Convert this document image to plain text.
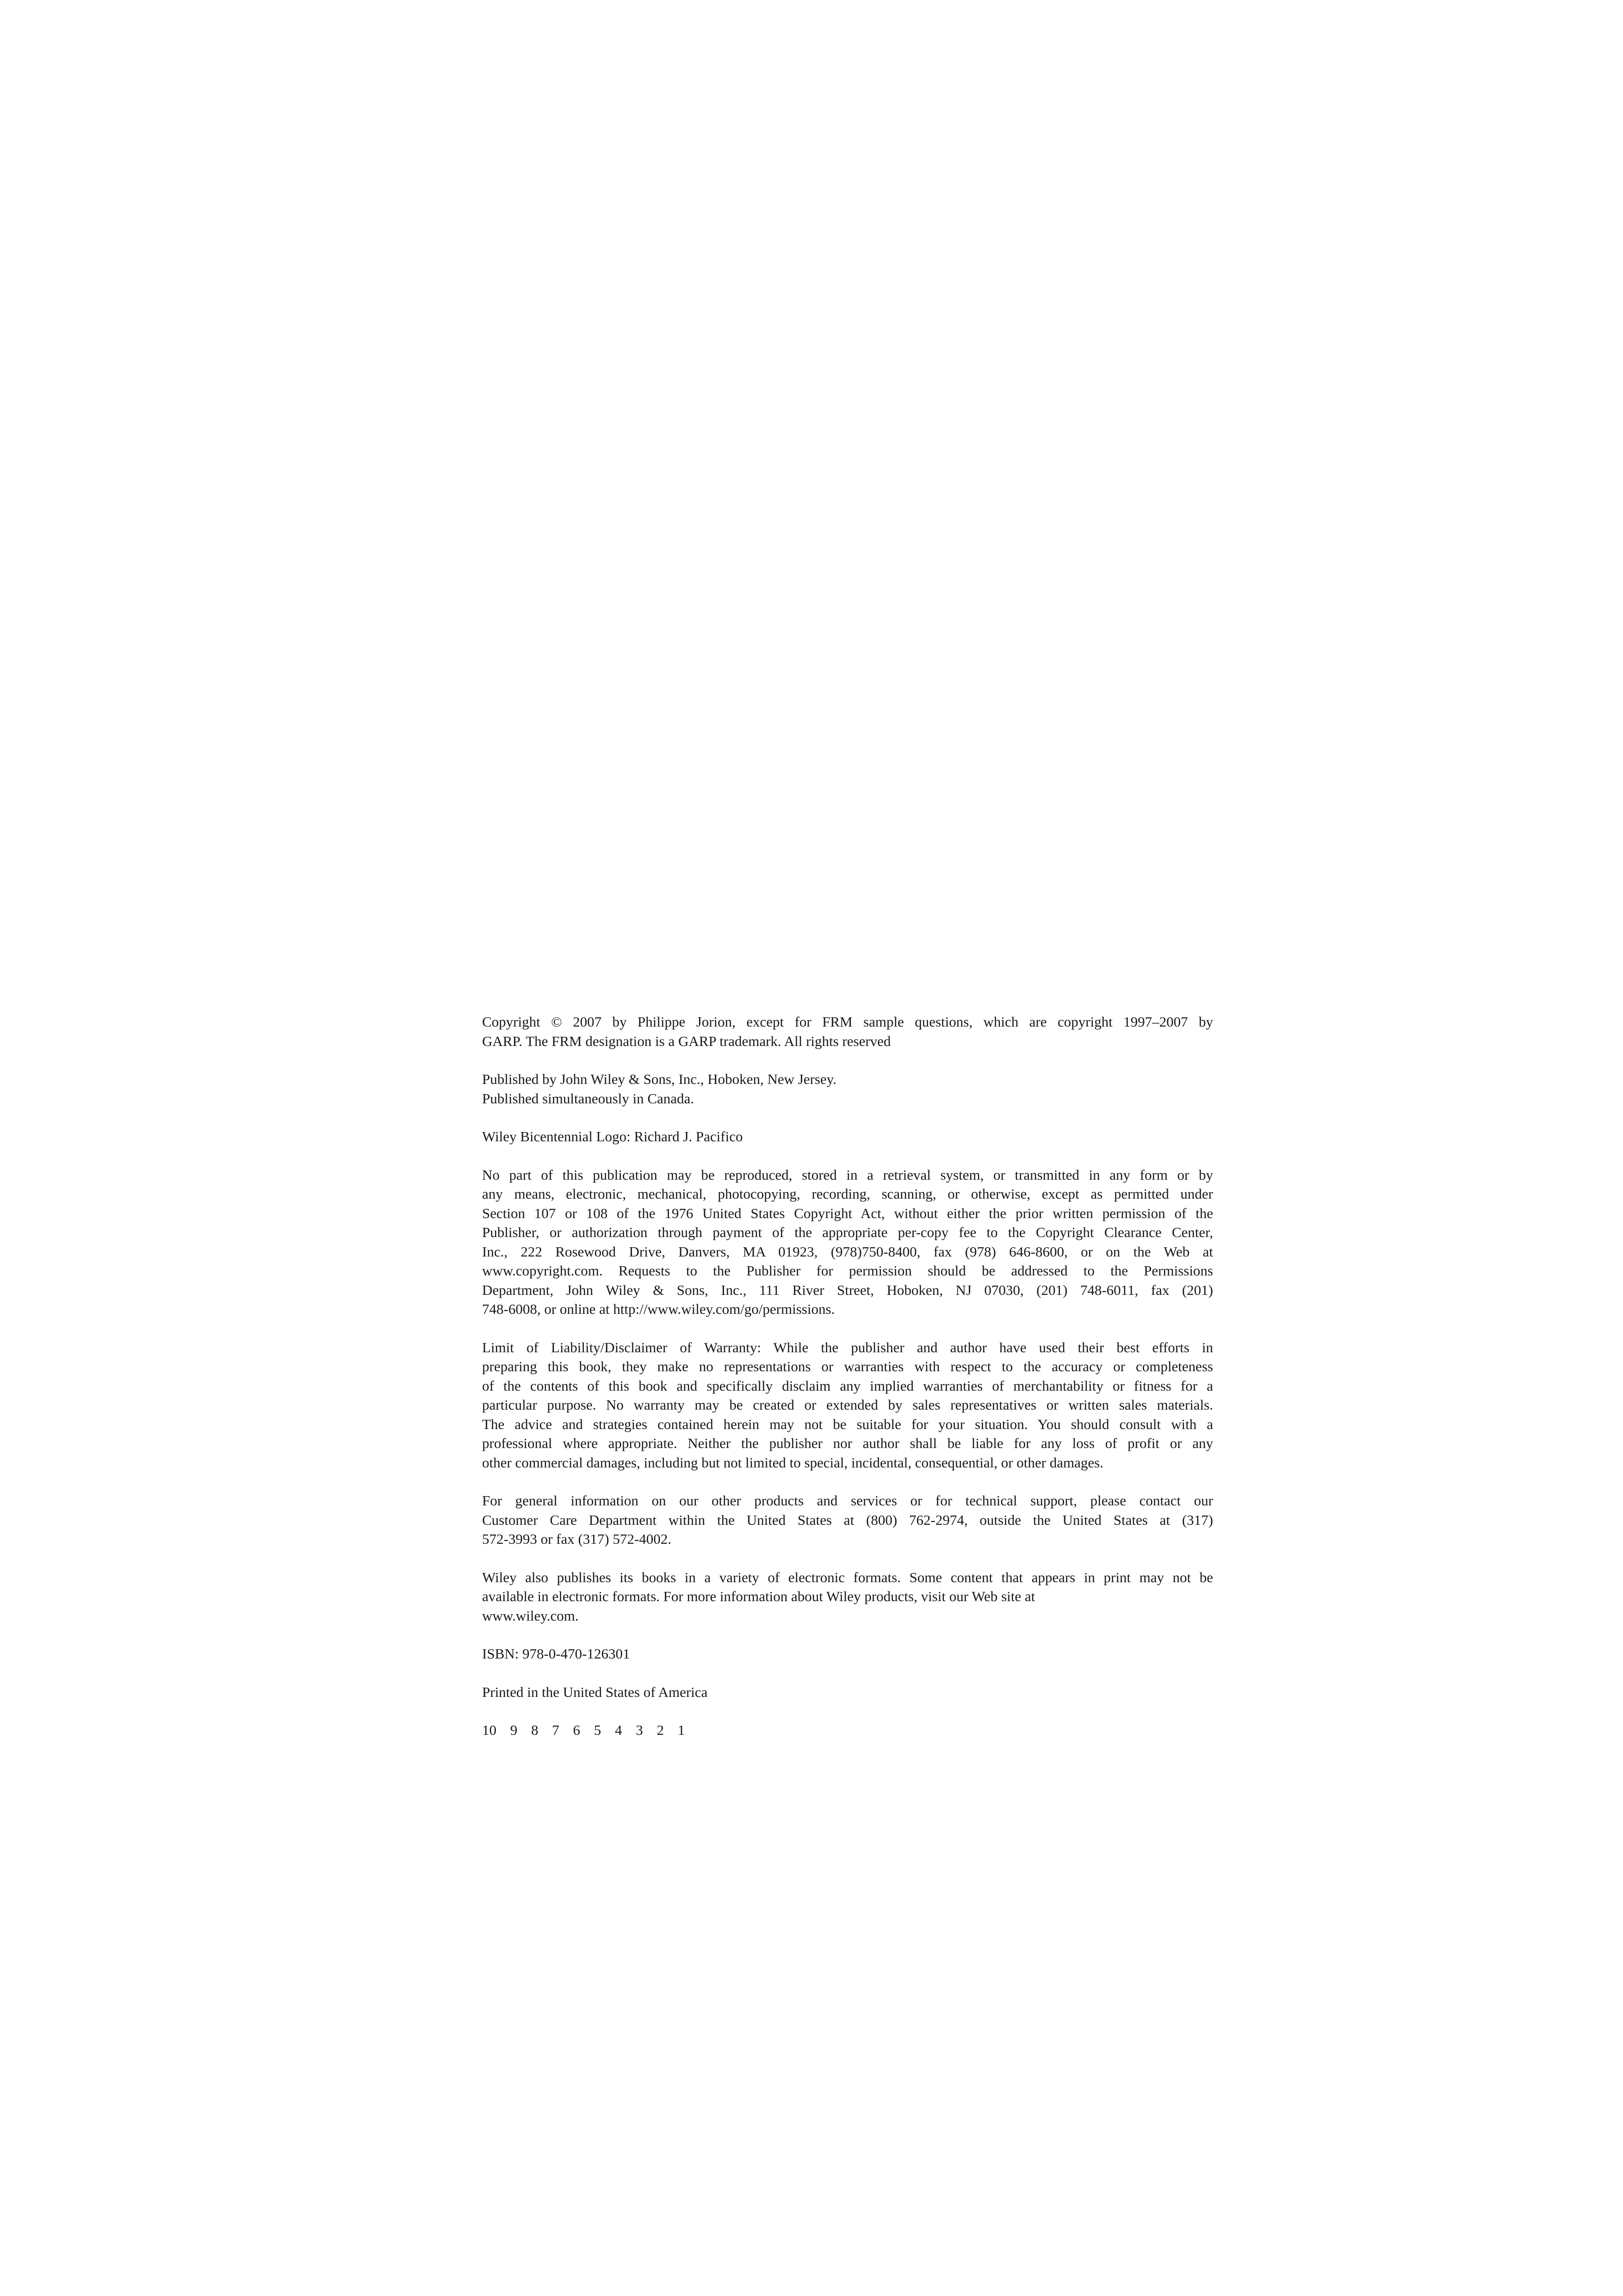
Copyright © 2007 by Philippe Jorion, except for FRM sample questions, which are copyright 1997–2007 by
GARP. The FRM designation is a GARP trademark. All rights reserved

Published by John Wiley & Sons, Inc., Hoboken, New Jersey.
Published simultaneously in Canada.

Wiley Bicentennial Logo: Richard J. Pacifico

No part of this publication may be reproduced, stored in a retrieval system, or transmitted in any form or by
any means, electronic, mechanical, photocopying, recording, scanning, or otherwise, except as permitted under
Section 107 or 108 of the 1976 United States Copyright Act, without either the prior written permission of the
Publisher, or authorization through payment of the appropriate per-copy fee to the Copyright Clearance Center,
Inc., 222 Rosewood Drive, Danvers, MA 01923, (978)750-8400, fax (978) 646-8600, or on the Web at
www.copyright.com. Requests to the Publisher for permission should be addressed to the Permissions
Department, John Wiley & Sons, Inc., 111 River Street, Hoboken, NJ 07030, (201) 748-6011, fax (201)
748-6008, or online at http://www.wiley.com/go/permissions.

Limit of Liability/Disclaimer of Warranty: While the publisher and author have used their best efforts in
preparing this book, they make no representations or warranties with respect to the accuracy or completeness
of the contents of this book and specifically disclaim any implied warranties of merchantability or fitness for a
particular purpose. No warranty may be created or extended by sales representatives or written sales materials.
The advice and strategies contained herein may not be suitable for your situation. You should consult with a
professional where appropriate. Neither the publisher nor author shall be liable for any loss of profit or any
other commercial damages, including but not limited to special, incidental, consequential, or other damages.

For general information on our other products and services or for technical support, please contact our
Customer Care Department within the United States at (800) 762-2974, outside the United States at (317)
572-3993 or fax (317) 572-4002.

Wiley also publishes its books in a variety of electronic formats. Some content that appears in print may not be
available in electronic formats. For more information about Wiley products, visit our Web site at
www.wiley.com.

ISBN: 978-0-470-126301

Printed in the United States of America

10 9 8 7 6 5 4 3 2 1
